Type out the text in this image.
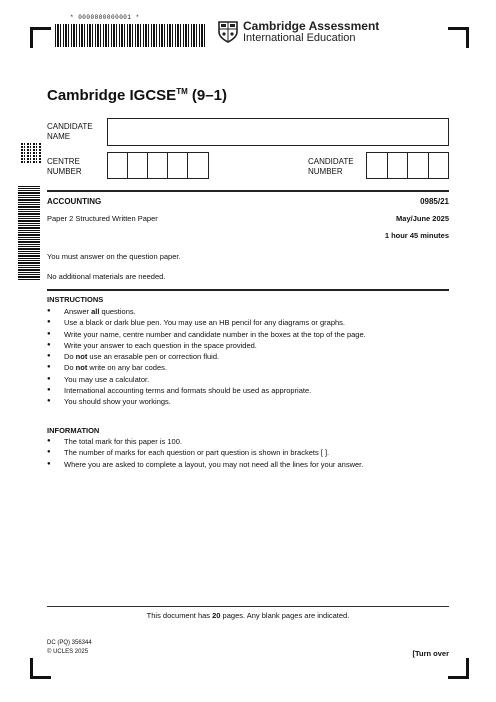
* 0000800000001 *
Cambridge Assessment
International Education
Cambridge IGCSE™ (9–1)
CANDIDATE
NAME
CENTRE
NUMBER
CANDIDATE
NUMBER
ACCOUNTING	0985/21
Paper 2 Structured Written Paper	May/June 2025
1 hour 45 minutes
You must answer on the question paper.
No additional materials are needed.
INSTRUCTIONS
● Answer all questions.
● Use a black or dark blue pen. You may use an HB pencil for any diagrams or graphs.
● Write your name, centre number and candidate number in the boxes at the top of the page.
● Write your answer to each question in the space provided.
● Do not use an erasable pen or correction fluid.
● Do not write on any bar codes.
● You may use a calculator.
● International accounting terms and formats should be used as appropriate.
● You should show your workings.
INFORMATION
● The total mark for this paper is 100.
● The number of marks for each question or part question is shown in brackets [ ].
● Where you are asked to complete a layout, you may not need all the lines for your answer.
This document has 20 pages. Any blank pages are indicated.
DC (PQ) 356344
© UCLES 2025	[Turn over
